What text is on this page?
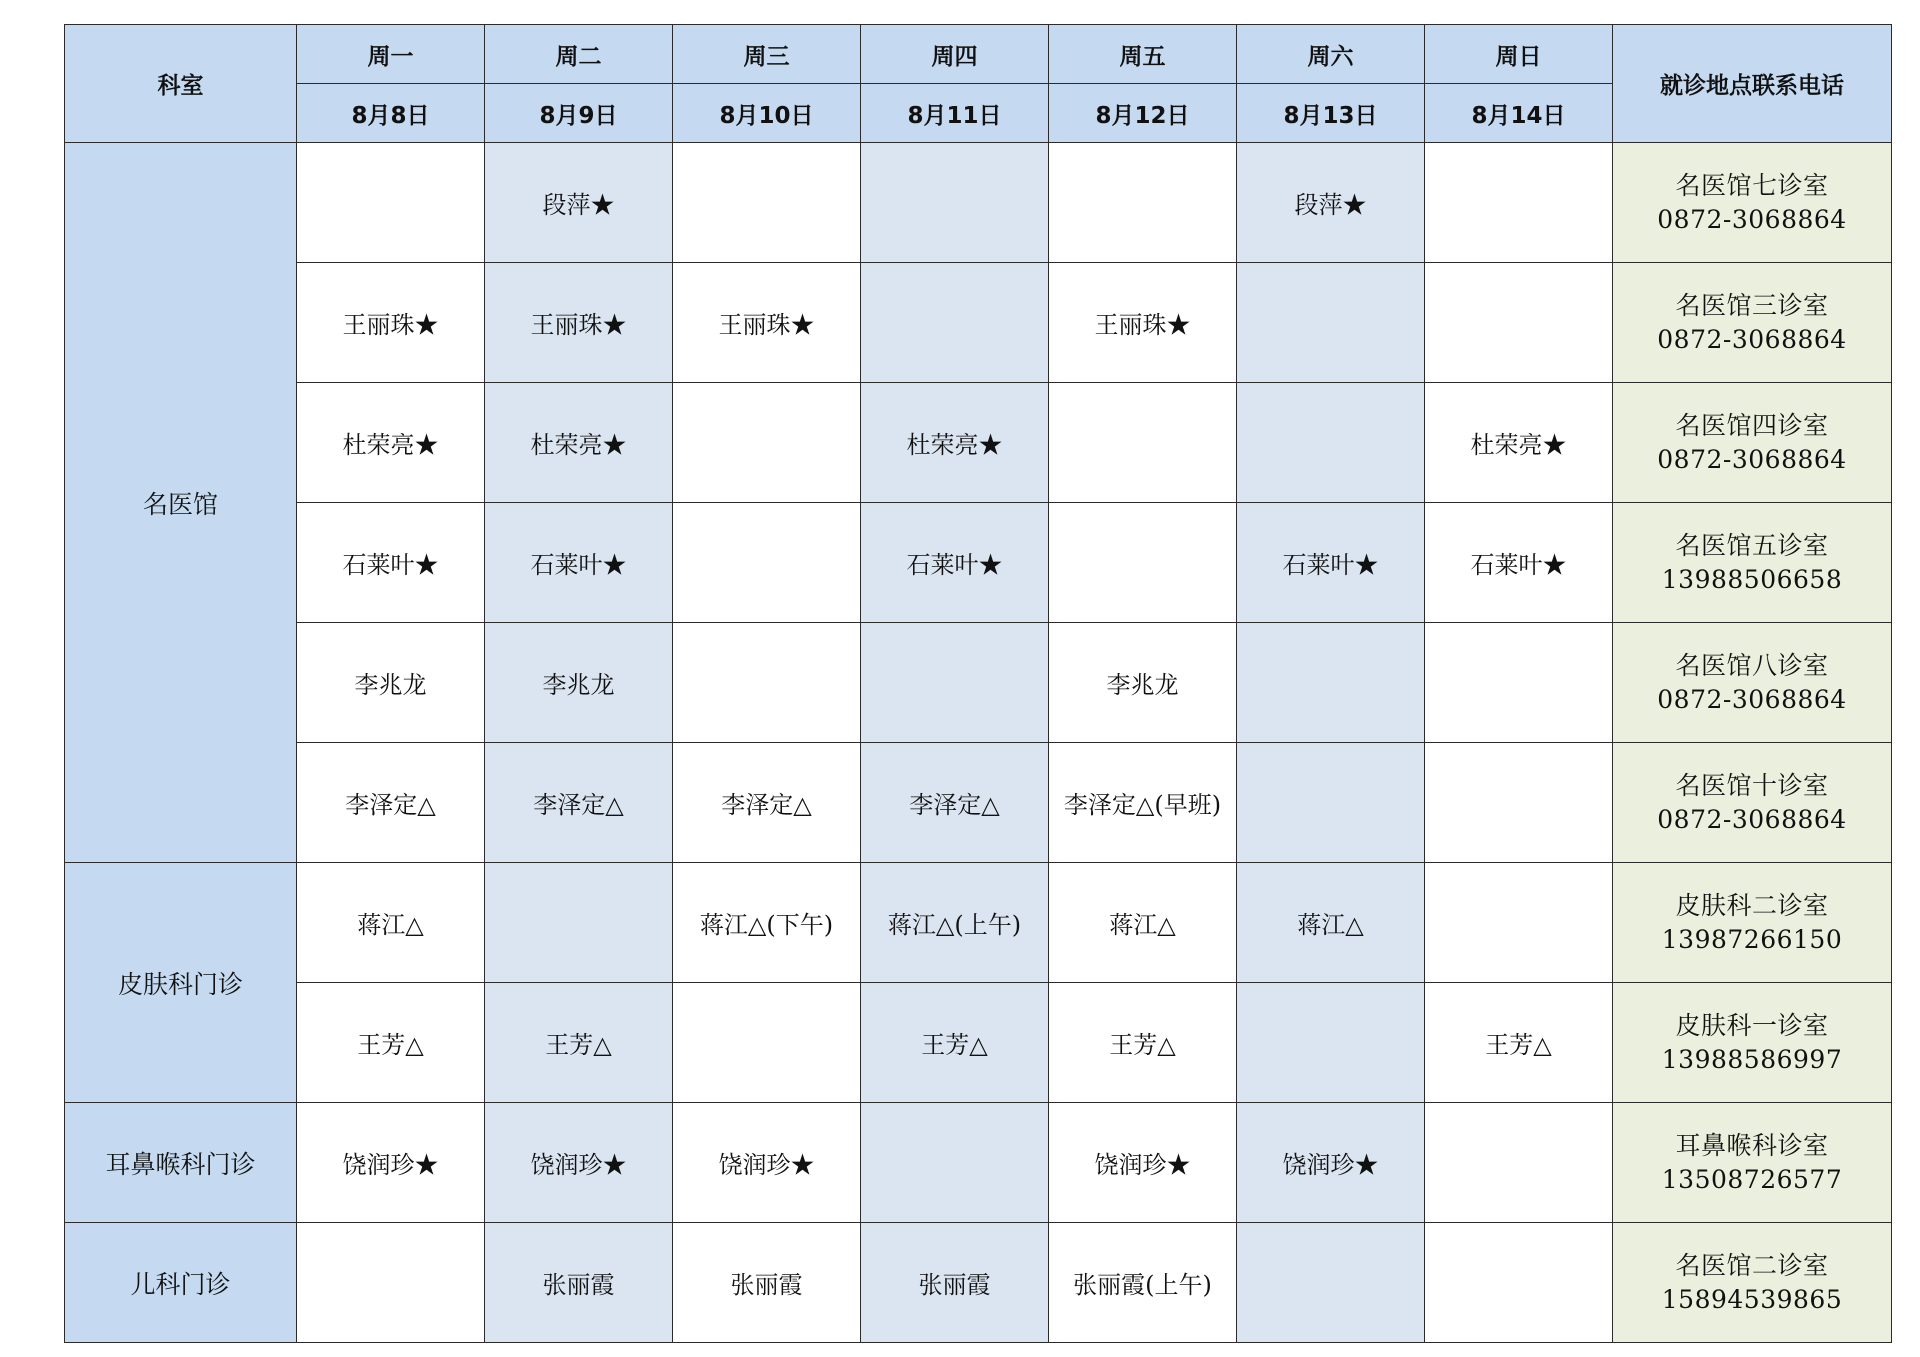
科室	周一	周二	周三	周四	周五	周六	周日	就诊地点联系电话
	8月8日	8月9日	8月10日	8月11日	8月12日	8月13日	8月14日	
名医馆		段萍★				段萍★		名医馆七诊室
0872-3068864

	王丽珠★	王丽珠★	王丽珠★		王丽珠★			名医馆三诊室
0872-3068864

	杜荣亮★	杜荣亮★		杜荣亮★			杜荣亮★	名医馆四诊室
0872-3068864

	石莱叶★	石莱叶★		石莱叶★		石莱叶★	石莱叶★	名医馆五诊室
13988506658

	李兆龙	李兆龙			李兆龙			名医馆八诊室
0872-3068864

	李泽定△	李泽定△	李泽定△	李泽定△	李泽定△(早班)			名医馆十诊室
0872-3068864

皮肤科门诊	蒋江△		蒋江△(下午)	蒋江△(上午)	蒋江△	蒋江△		皮肤科二诊室
13987266150

	王芳△	王芳△		王芳△	王芳△		王芳△	皮肤科一诊室
13988586997

耳鼻喉科门诊	饶润珍★	饶润珍★	饶润珍★		饶润珍★	饶润珍★		耳鼻喉科诊室
13508726577

儿科门诊		张丽霞	张丽霞	张丽霞	张丽霞(上午)			名医馆二诊室
15894539865
